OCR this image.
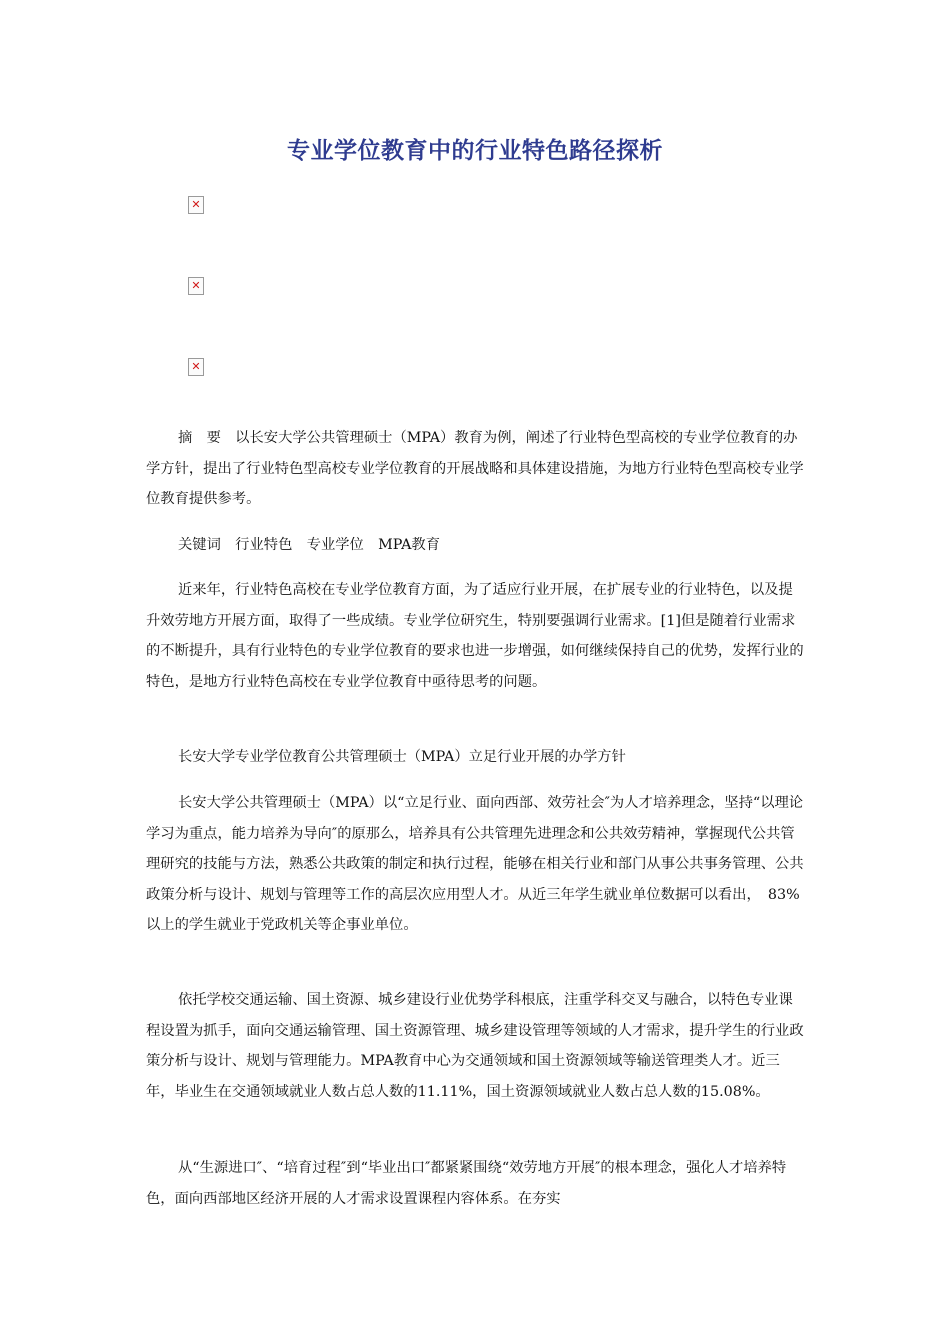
专业学位教育中的行业特色路径探析
✕
✕
✕

摘　要　以长安大学公共管理硕士（MPA）教育为例，阐述了行业特色型高校的专业学位教育的办学方针，提出了行业特色型高校专业学位教育的开展战略和具体建设措施，为地方行业特色型高校专业学位教育提供参考。

关键词　行业特色　专业学位　MPA教育

近来年，行业特色高校在专业学位教育方面，为了适应行业开展，在扩展专业的行业特色，以及提升效劳地方开展方面，取得了一些成绩。专业学位研究生，特别要强调行业需求。[1]但是随着行业需求的不断提升，具有行业特色的专业学位教育的要求也进一步增强，如何继续保持自己的优势，发挥行业的特色，是地方行业特色高校在专业学位教育中亟待思考的问题。

长安大学专业学位教育公共管理硕士（MPA）立足行业开展的办学方针

长安大学公共管理硕士（MPA）以“立足行业、面向西部、效劳社会″为人才培养理念，坚持“以理论学习为重点，能力培养为导向″的原那么，培养具有公共管理先进理念和公共效劳精神，掌握现代公共管理研究的技能与方法，熟悉公共政策的制定和执行过程，能够在相关行业和部门从事公共事务管理、公共政策分析与设计、规划与管理等工作的高层次应用型人才。从近三年学生就业单位数据可以看出，　83%以上的学生就业于党政机关等企事业单位。

依托学校交通运输、国土资源、城乡建设行业优势学科根底，注重学科交叉与融合，以特色专业课程设置为抓手，面向交通运输管理、国土资源管理、城乡建设管理等领域的人才需求，提升学生的行业政策分析与设计、规划与管理能力。MPA教育中心为交通领域和国土资源领域等输送管理类人才。近三年，毕业生在交通领域就业人数占总人数的11.11%，国土资源领域就业人数占总人数的15.08%。

从“生源进口″、“培育过程″到“毕业出口″都紧紧围绕“效劳地方开展″的根本理念，强化人才培养特色，面向西部地区经济开展的人才需求设置课程内容体系。在夯实
